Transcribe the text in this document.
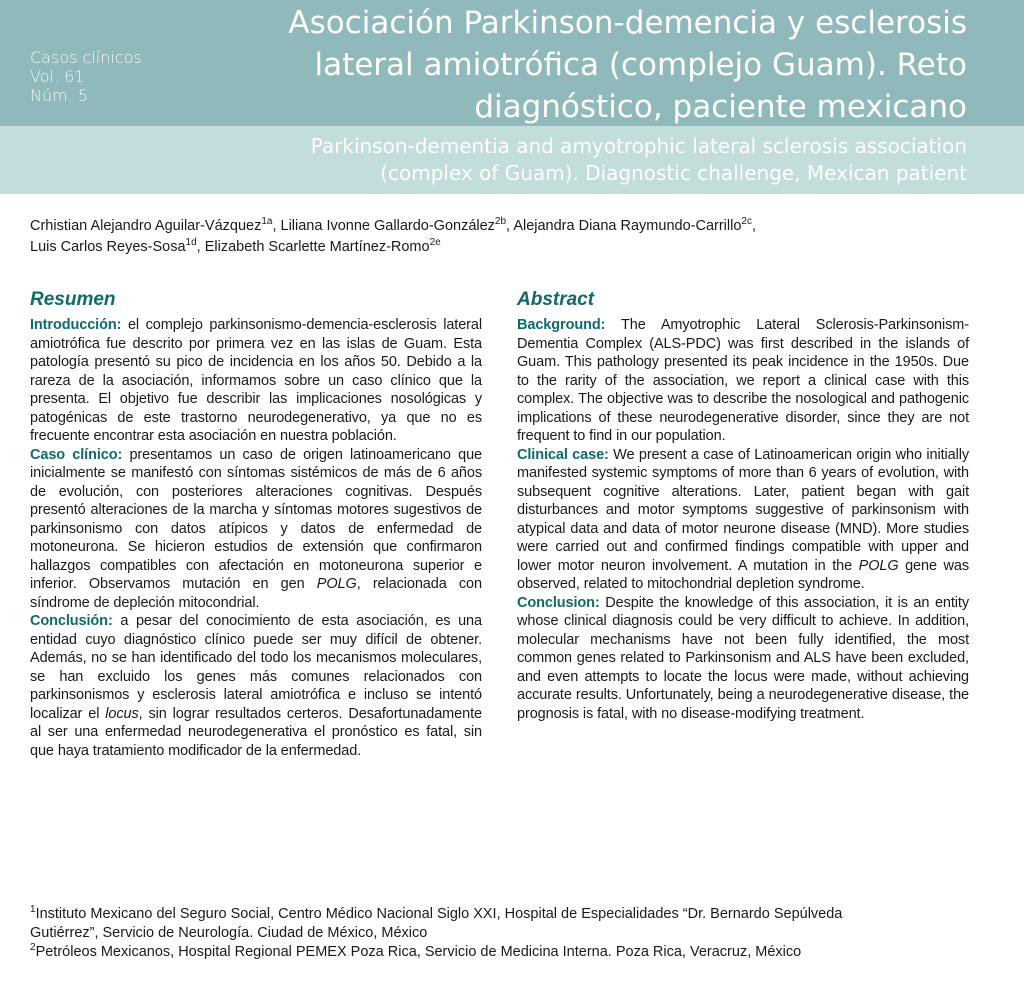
Casos clínicos
Vol. 61
Núm. 5
Asociación Parkinson-demencia y esclerosis
lateral amiotrófica (complejo Guam). Reto
diagnóstico, paciente mexicano
Parkinson-dementia and amyotrophic lateral sclerosis association
(complex of Guam). Diagnostic challenge, Mexican patient
Crhistian Alejandro Aguilar-Vázquez$^{1a}$, Liliana Ivonne Gallardo-González$^{2b}$, Alejandra Diana Raymundo-Carrillo$^{2c}$,
Luis Carlos Reyes-Sosa$^{1d}$, Elizabeth Scarlette Martínez-Romo$^{2e}$
Resumen

Introducción: el complejo parkinsonismo-demencia-esclerosis lateral amiotrófica fue descrito por primera vez en las islas de Guam. Esta patología presentó su pico de incidencia en los años 50. Debido a la rareza de la asociación, informamos sobre un caso clínico que la presenta. El objetivo fue describir las implicaciones nosológicas y patogénicas de este trastorno neurodegenerativo, ya que no es frecuente encontrar esta asociación en nuestra población.

Caso clínico: presentamos un caso de origen latinoamericano que inicialmente se manifestó con síntomas sistémicos de más de 6 años de evolución, con posteriores alteraciones cognitivas. Después presentó alteraciones de la marcha y síntomas motores sugestivos de parkinsonismo con datos atípicos y datos de enfermedad de motoneurona. Se hicieron estudios de extensión que confirmaron hallazgos compatibles con afectación en motoneurona superior e inferior. Observamos mutación en gen POLG, relacionada con síndrome de depleción mitocondrial.

Conclusión: a pesar del conocimiento de esta asociación, es una entidad cuyo diagnóstico clínico puede ser muy difícil de obtener. Además, no se han identificado del todo los mecanismos moleculares, se han excluido los genes más comunes relacionados con parkinsonismos y esclerosis lateral amiotrófica e incluso se intentó localizar el locus, sin lograr resultados certeros. Desafortunadamente al ser una enfermedad neurodegenerativa el pronóstico es fatal, sin que haya tratamiento modificador de la enfermedad.

Abstract

Background: The Amyotrophic Lateral Sclerosis-Parkinsonism-Dementia Complex (ALS-PDC) was first described in the islands of Guam. This pathology presented its peak incidence in the 1950s. Due to the rarity of the association, we report a clinical case with this complex. The objective was to describe the nosological and pathogenic implications of these neurodegenerative disorder, since they are not frequent to find in our population.

Clinical case: We present a case of Latinoamerican origin who initially manifested systemic symptoms of more than 6 years of evolution, with subsequent cognitive alterations. Later, patient began with gait disturbances and motor symptoms suggestive of parkinsonism with atypical data and data of motor neurone disease (MND). More studies were carried out and confirmed findings compatible with upper and lower motor neuron involvement. A mutation in the POLG gene was observed, related to mitochondrial depletion syndrome.

Conclusion: Despite the knowledge of this association, it is an entity whose clinical diagnosis could be very difficult to achieve. In addition, molecular mechanisms have not been fully identified, the most common genes related to Parkinsonism and ALS have been excluded, and even attempts to locate the locus were made, without achieving accurate results. Unfortunately, being a neurodegenerative disease, the prognosis is fatal, with no disease-modifying treatment.

$^1$Instituto Mexicano del Seguro Social, Centro Médico Nacional Siglo XXI, Hospital de Especialidades “Dr. Bernardo Sepúlveda
Gutiérrez”, Servicio de Neurología. Ciudad de México, México
$^2$Petróleos Mexicanos, Hospital Regional PEMEX Poza Rica, Servicio de Medicina Interna. Poza Rica, Veracruz, México
